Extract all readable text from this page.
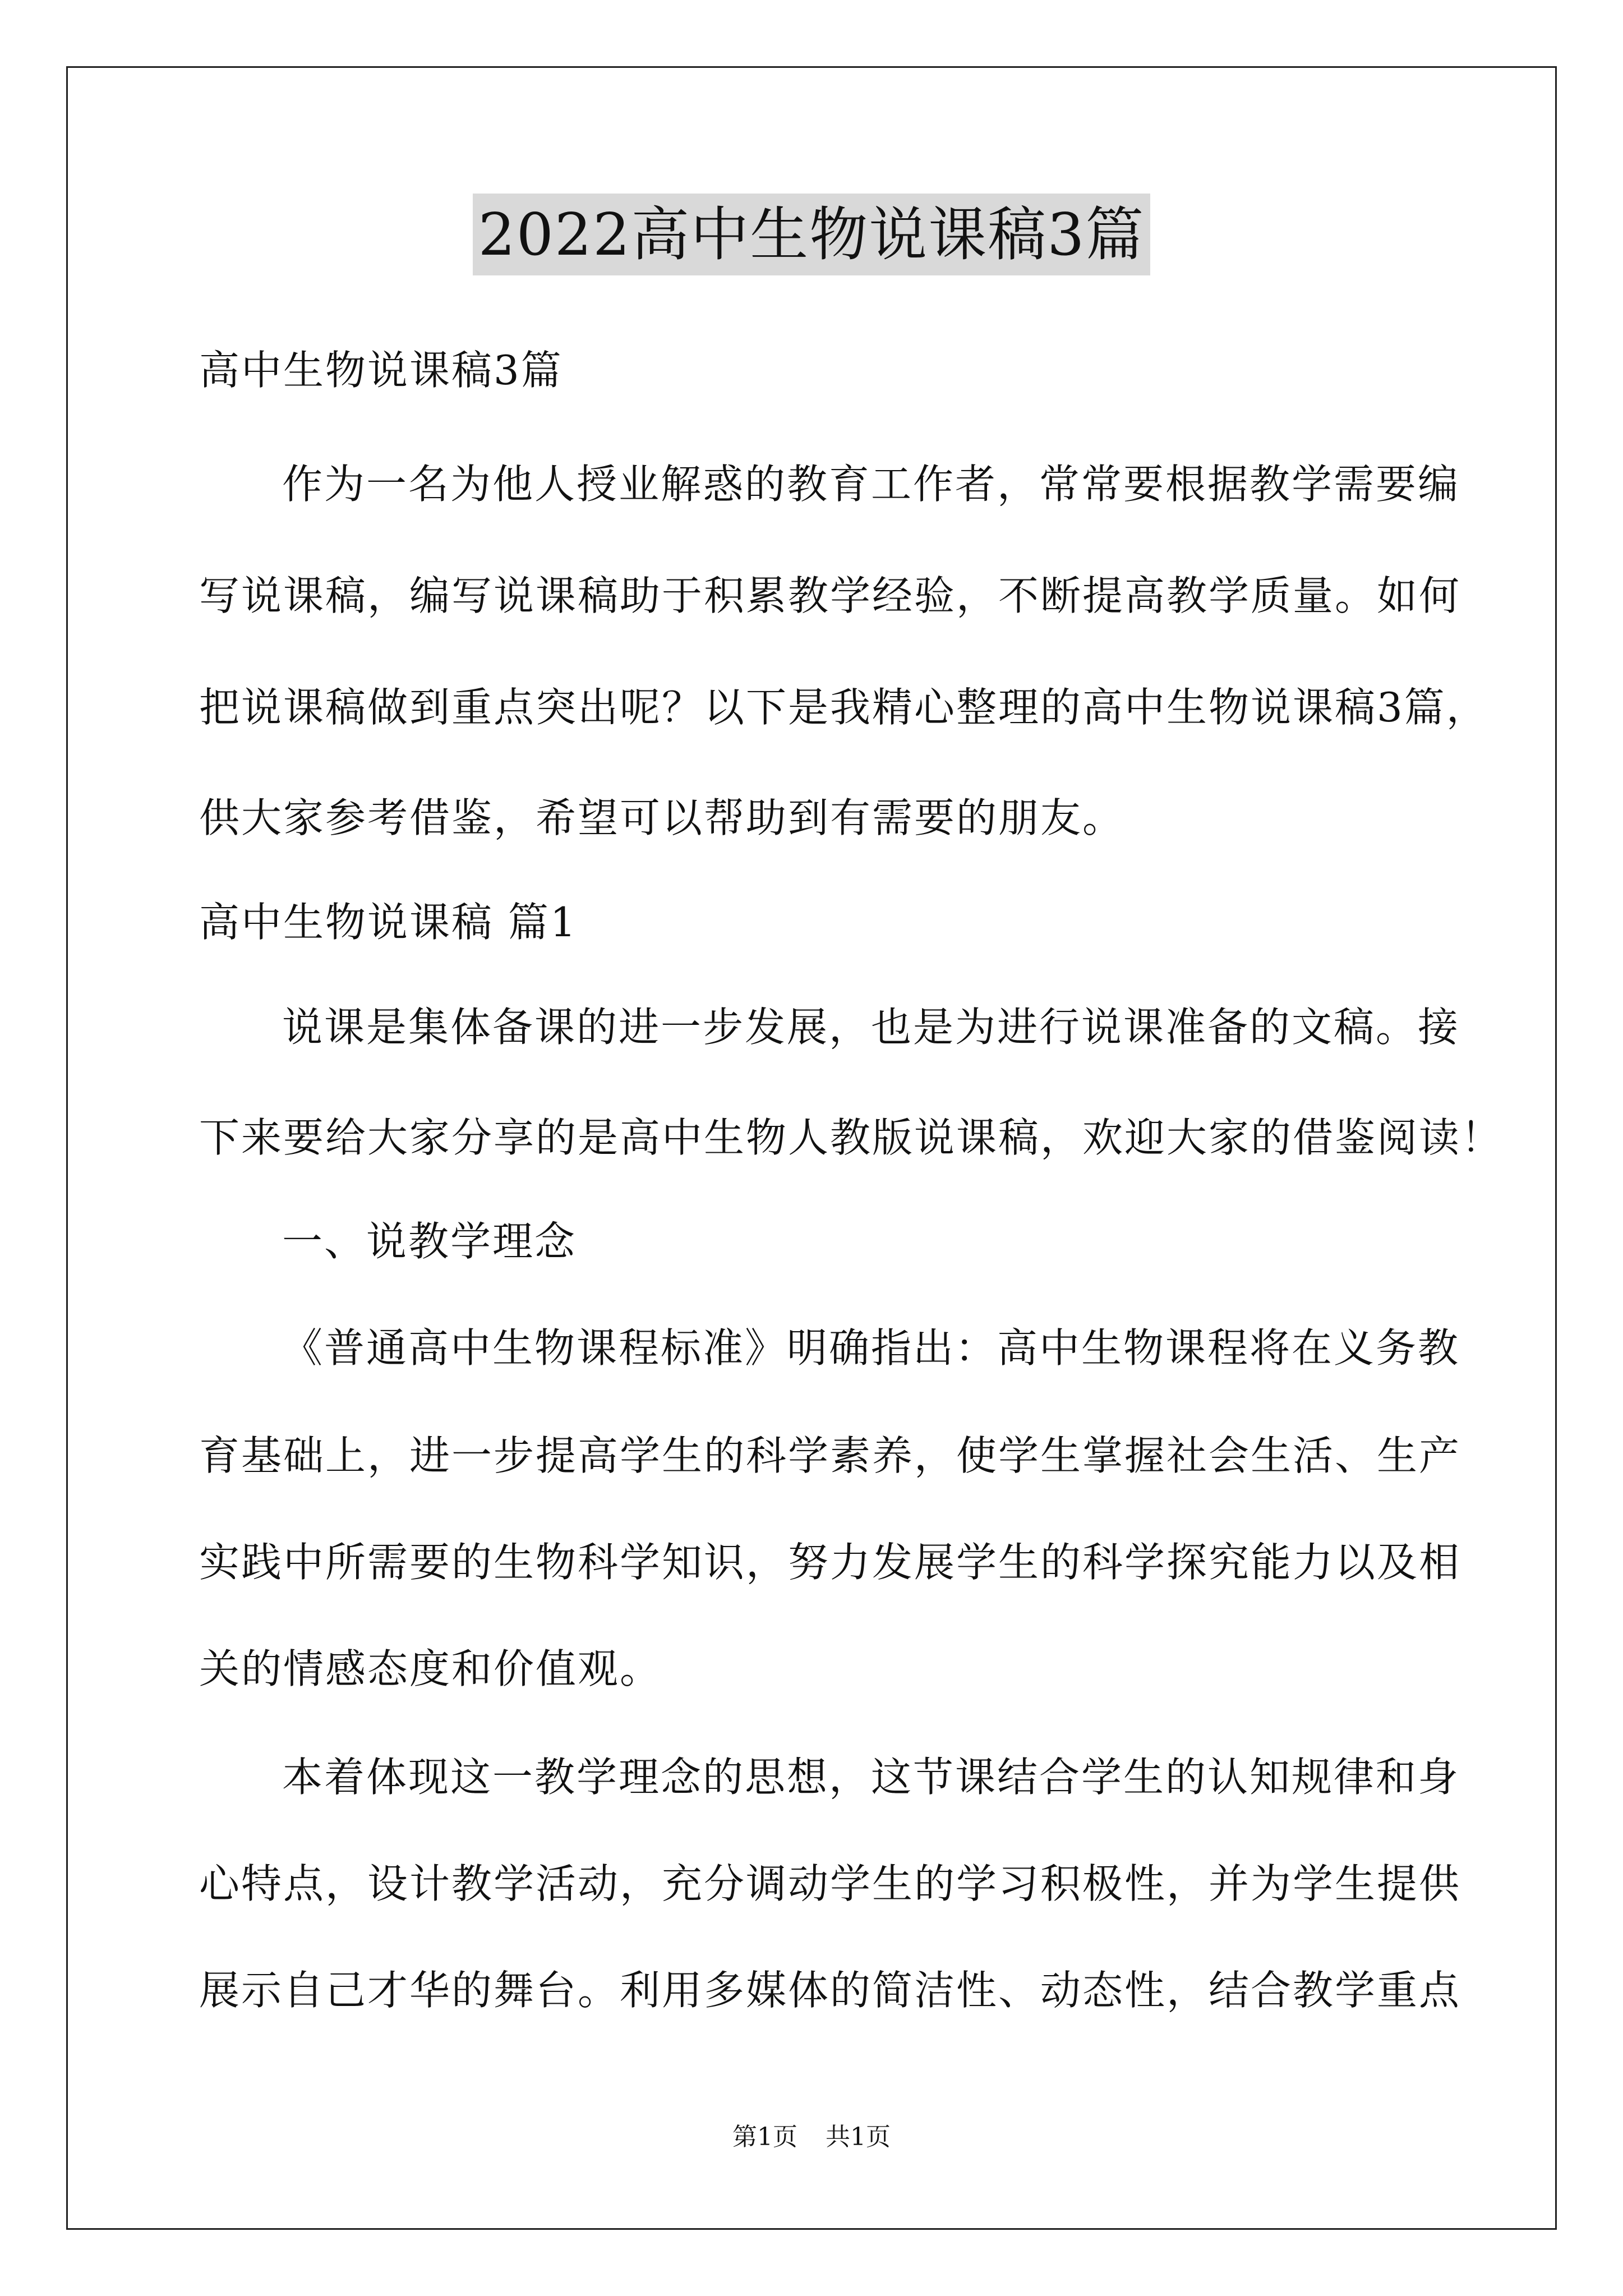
2022高中生物说课稿3篇
高中生物说课稿3篇
作为一名为他人授业解惑的教育工作者，常常要根据教学需要编
写说课稿，编写说课稿助于积累教学经验，不断提高教学质量。如何
把说课稿做到重点突出呢？以下是我精心整理的高中生物说课稿3篇，
供大家参考借鉴，希望可以帮助到有需要的朋友。
高中生物说课稿 篇1
说课是集体备课的进一步发展，也是为进行说课准备的文稿。接
下来要给大家分享的是高中生物人教版说课稿，欢迎大家的借鉴阅读！
一、说教学理念
《普通高中生物课程标准》明确指出：高中生物课程将在义务教
育基础上，进一步提高学生的科学素养，使学生掌握社会生活、生产
实践中所需要的生物科学知识，努力发展学生的科学探究能力以及相
关的情感态度和价值观。
本着体现这一教学理念的思想，这节课结合学生的认知规律和身
心特点，设计教学活动，充分调动学生的学习积极性，并为学生提供
展示自己才华的舞台。利用多媒体的简洁性、动态性，结合教学重点
第1页 共1页
